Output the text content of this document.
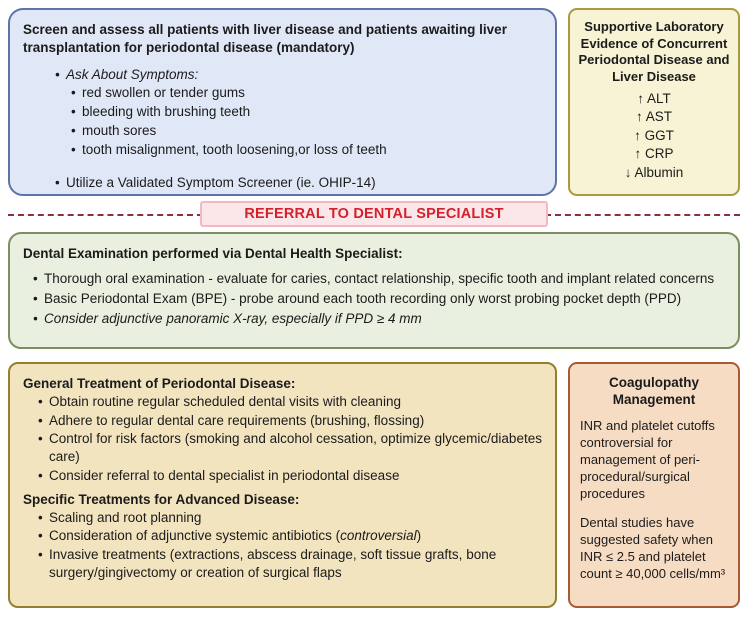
Screen and assess all patients with liver disease and patients awaiting liver transplantation for periodontal disease (mandatory)

• Ask About Symptoms:
• red swollen or tender gums
• bleeding with brushing teeth
• mouth sores
• tooth misalignment, tooth loosening,or loss of teeth
• Utilize a Validated Symptom Screener (ie. OHIP-14)

Supportive Laboratory Evidence of Concurrent Periodontal Disease and Liver Disease

↑ ALT
↑ AST
↑ GGT
↑ CRP
↓ Albumin
REFERRAL TO DENTAL SPECIALIST

Dental Examination performed via Dental Health Specialist:

• Thorough oral examination - evaluate for caries, contact relationship, specific tooth and implant related concerns
• Basic Periodontal Exam (BPE) - probe around each tooth recording only worst probing pocket depth (PPD)
• Consider adjunctive panoramic X-ray, especially if PPD ≥ 4 mm

General Treatment of Periodontal Disease:

• Obtain routine regular scheduled dental visits with cleaning
• Adhere to regular dental care requirements (brushing, flossing)
• Control for risk factors (smoking and alcohol cessation, optimize glycemic/diabetes care)
• Consider referral to dental specialist in periodontal disease

Specific Treatments for Advanced Disease:

• Scaling and root planning
• Consideration of adjunctive systemic antibiotics (controversial)
• Invasive treatments (extractions, abscess drainage, soft tissue grafts, bone surgery/gingivectomy or creation of surgical flaps

Coagulopathy Management

INR and platelet cutoffs controversial for management of peri-procedural/surgical procedures

Dental studies have suggested safety when INR ≤ 2.5 and platelet count ≥ 40,000 cells/mm³
